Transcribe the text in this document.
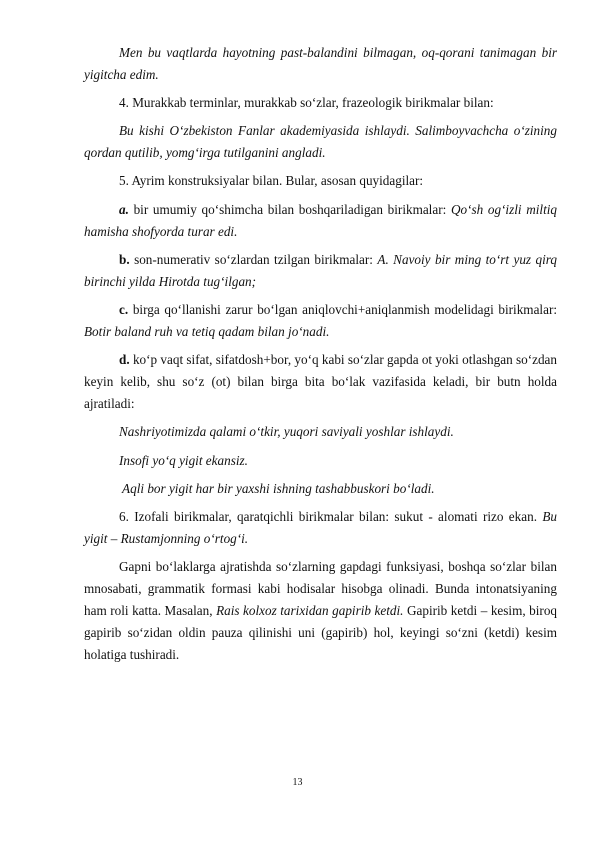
Men bu vaqtlarda hayotning past-balandini bilmagan, oq-qorani tanimagan bir yigitcha edim.

4. Murakkab terminlar, murakkab so‘zlar, frazeologik birikmalar bilan:

Bu kishi O‘zbekiston Fanlar akademiyasida ishlaydi. Salimboyvachcha o‘zining qordan qutilib, yomg‘irga tutilganini angladi.

5. Ayrim konstruksiyalar bilan. Bular, asosan quyidagilar:

a. bir umumiy qo‘shimcha bilan boshqariladigan birikmalar: Qo‘sh og‘izli miltiq hamisha shofyorda turar edi.

b. son-numerativ so‘zlardan tzilgan birikmalar: A. Navoiy bir ming to‘rt yuz qirq birinchi yilda Hirotda tug‘ilgan;

c. birga qo‘llanishi zarur bo‘lgan aniqlovchi+aniqlanmish modelidagi birikmalar: Botir baland ruh va tetiq qadam bilan jo‘nadi.

d. ko‘p vaqt sifat, sifatdosh+bor, yo‘q kabi so‘zlar gapda ot yoki otlashgan so‘zdan keyin kelib, shu so‘z (ot) bilan birga bita bo‘lak vazifasida keladi, bir butn holda ajratiladi:

Nashriyotimizda qalami o‘tkir, yuqori saviyali yoshlar ishlaydi.

Insofi yo‘q yigit ekansiz.

Aqli bor yigit har bir yaxshi ishning tashabbuskori bo‘ladi.

6. Izofali birikmalar, qaratqichli birikmalar bilan: sukut - alomati rizo ekan. Bu yigit – Rustamjonning o‘rtog‘i.

Gapni bo‘laklarga ajratishda so‘zlarning gapdagi funksiyasi, boshqa so‘zlar bilan mnosabati, grammatik formasi kabi hodisalar hisobga olinadi. Bunda intonatsiyaning ham roli katta. Masalan, Rais kolxoz tarixidan gapirib ketdi. Gapirib ketdi – kesim, biroq gapirib so‘zidan oldin pauza qilinishi uni (gapirib) hol, keyingi so‘zni (ketdi) kesim holatiga tushiradi.

13
